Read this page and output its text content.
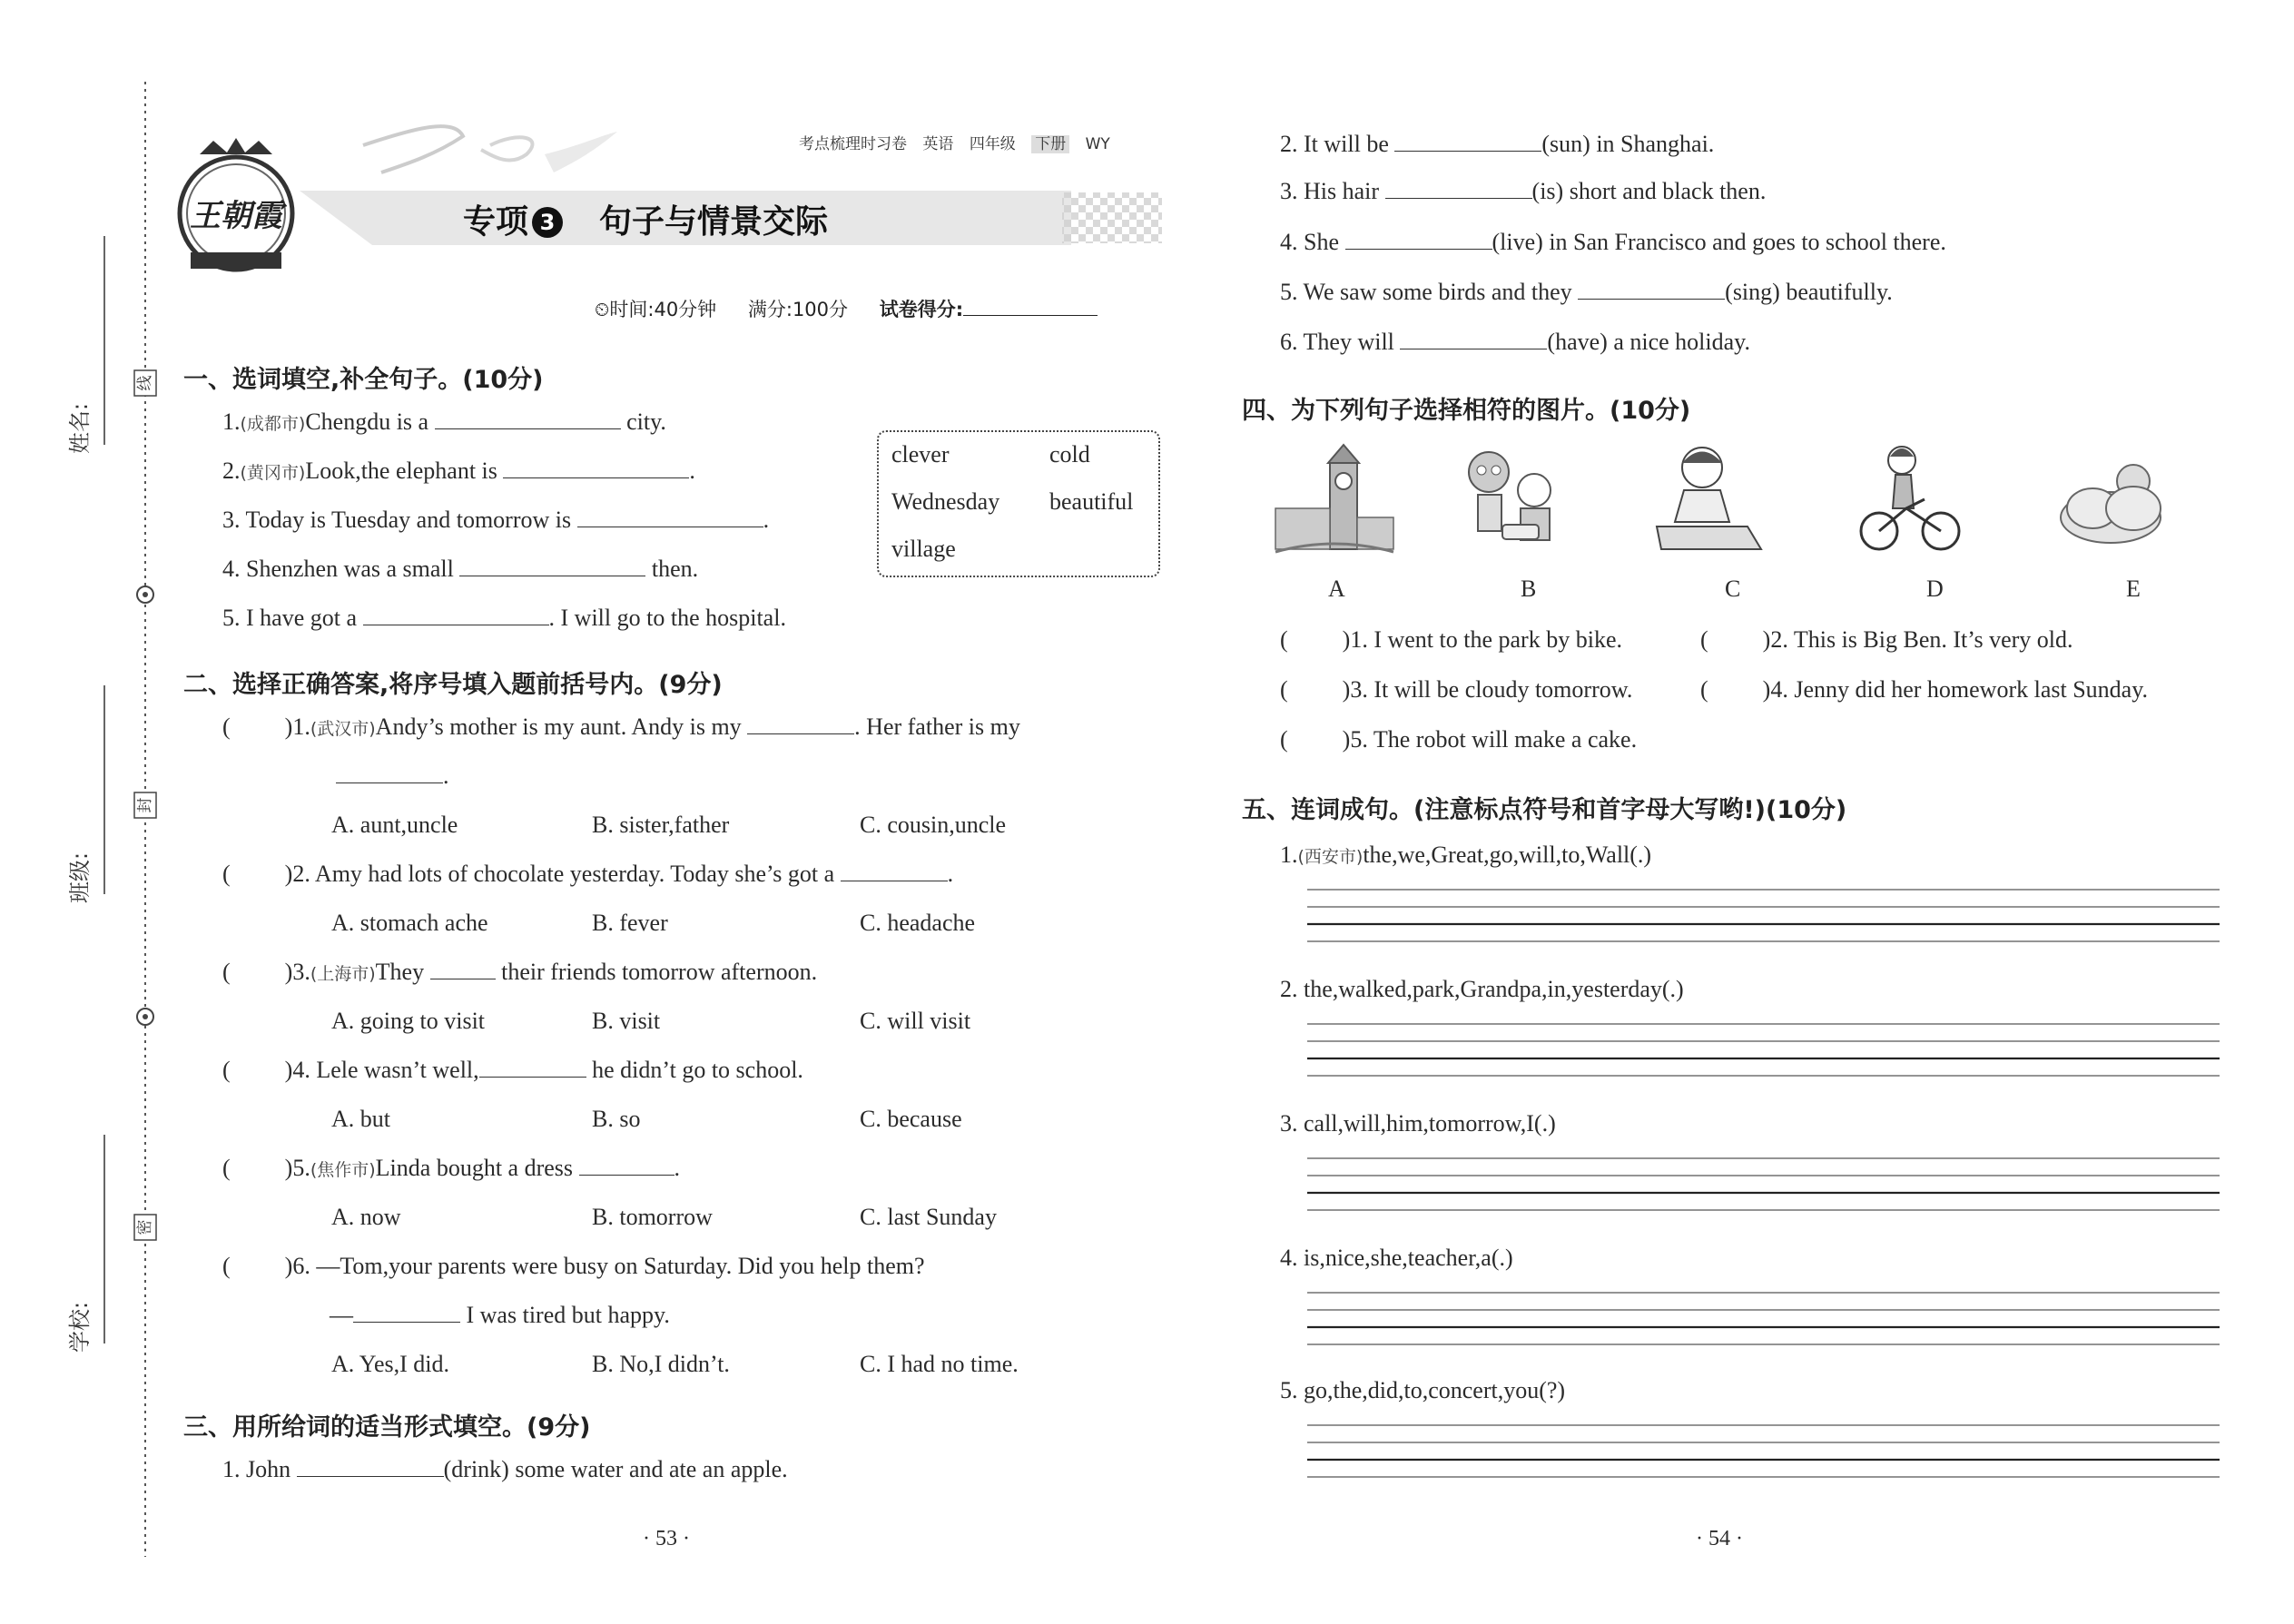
线
封
密
姓名:
班级:
学校:
王朝霞
考点梳理时习卷 英语 四年级 下册 WY
专项 3 句子与情景交际
⏲时间:40分钟 满分:100分 试卷得分:
一、选词填空,补全句子。(10分)
1.(成都市)Chengdu is a	city.
2.(黄冈市)Look,the elephant is	.
3. Today is Tuesday and tomorrow is	.
4. Shenzhen was a small	then.
5. I have got a	. I will go to the hospital.
clever	cold
Wednesday beautiful
village
二、选择正确答案,将序号填入题前括号内。(9分)
( )1.(武汉市)Andy’s mother is my aunt. Andy is my	. Her father is my
.
A. aunt,uncle	B. sister,father	C. cousin,uncle
( )2. Amy had lots of chocolate yesterday. Today she’s got a	.
A. stomach ache	B. fever	C. headache
( )3.(上海市)They	their friends tomorrow afternoon.
A. going to visit	B. visit	C. will visit
( )4. Lele wasn’t well,	he didn’t go to school.
A. but	B. so	C. because
( )5.(焦作市)Linda bought a dress	.
A. now	B. tomorrow	C. last Sunday
( )6. —Tom,your parents were busy on Saturday. Did you help them?
—	I was tired but happy.
A. Yes,I did.	B. No,I didn’t.	C. I had no time.
三、用所给词的适当形式填空。(9分)
1. John	(drink) some water and ate an apple.
2. It will be	(sun) in Shanghai.
3. His hair	(is) short and black then.
4. She	(live) in San Francisco and goes to school there.
5. We saw some birds and they	(sing) beautifully.
6. They will	(have) a nice holiday.
四、为下列句子选择相符的图片。(10分)
A	B	C	D	E
( )1. I went to the park by bike.	( )2. This is Big Ben. It’s very old.
( )3. It will be cloudy tomorrow.	( )4. Jenny did her homework last Sunday.
( )5. The robot will make a cake.
五、连词成句。(注意标点符号和首字母大写哟!)(10分)
1.(西安市)the,we,Great,go,will,to,Wall(.)
2. the,walked,park,Grandpa,in,yesterday(.)
3. call,will,him,tomorrow,I(.)
4. is,nice,she,teacher,a(.)
5. go,the,did,to,concert,you(?)
· 53 ·	· 54 ·
